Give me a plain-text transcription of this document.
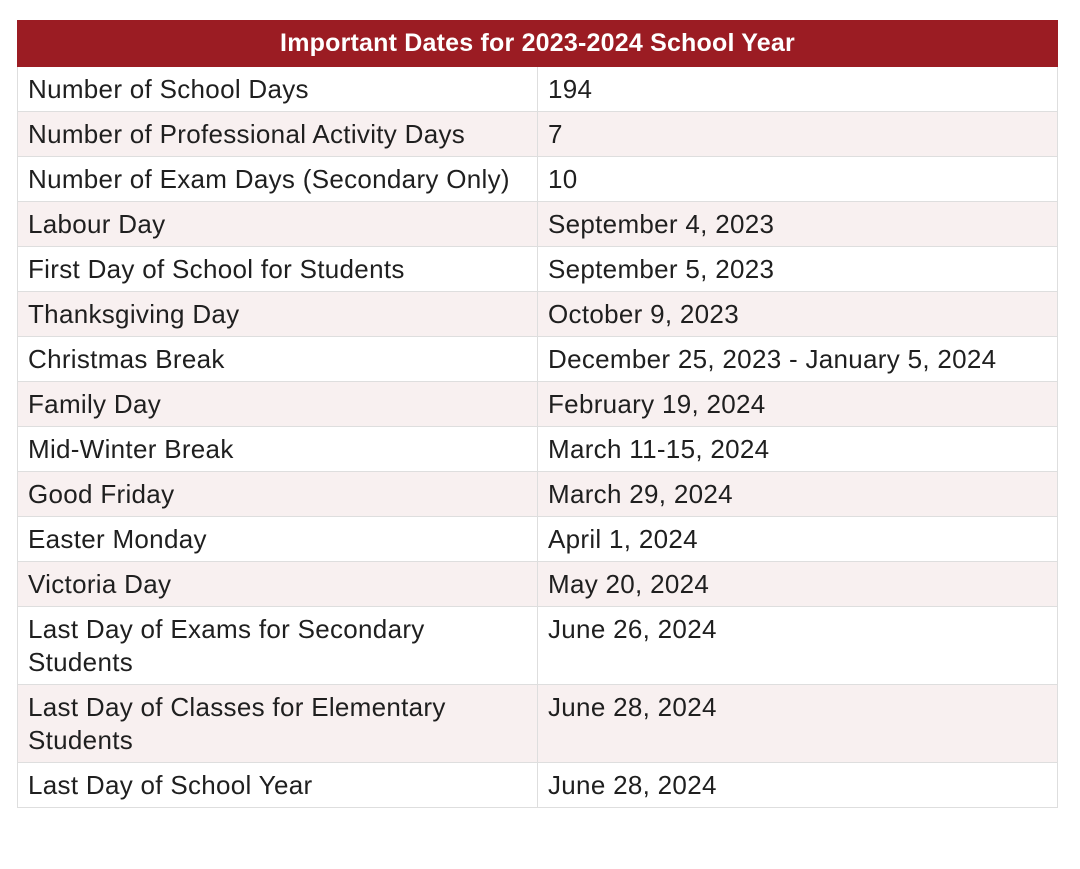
Important Dates for 2023-2024 School Year	
Number of School Days	194
Number of Professional Activity Days	7
Number of Exam Days (Secondary Only)	10
Labour Day	September 4, 2023
First Day of School for Students	September 5, 2023
Thanksgiving Day	October 9, 2023
Christmas Break	December 25, 2023 - January 5, 2024
Family Day	February 19, 2024
Mid-Winter Break	March 11-15, 2024
Good Friday	March 29, 2024
Easter Monday	April 1, 2024
Victoria Day	May 20, 2024
Last Day of Exams for Secondary Students	June 26, 2024
Last Day of Classes for Elementary Students	June 28, 2024
Last Day of School Year	June 28, 2024
